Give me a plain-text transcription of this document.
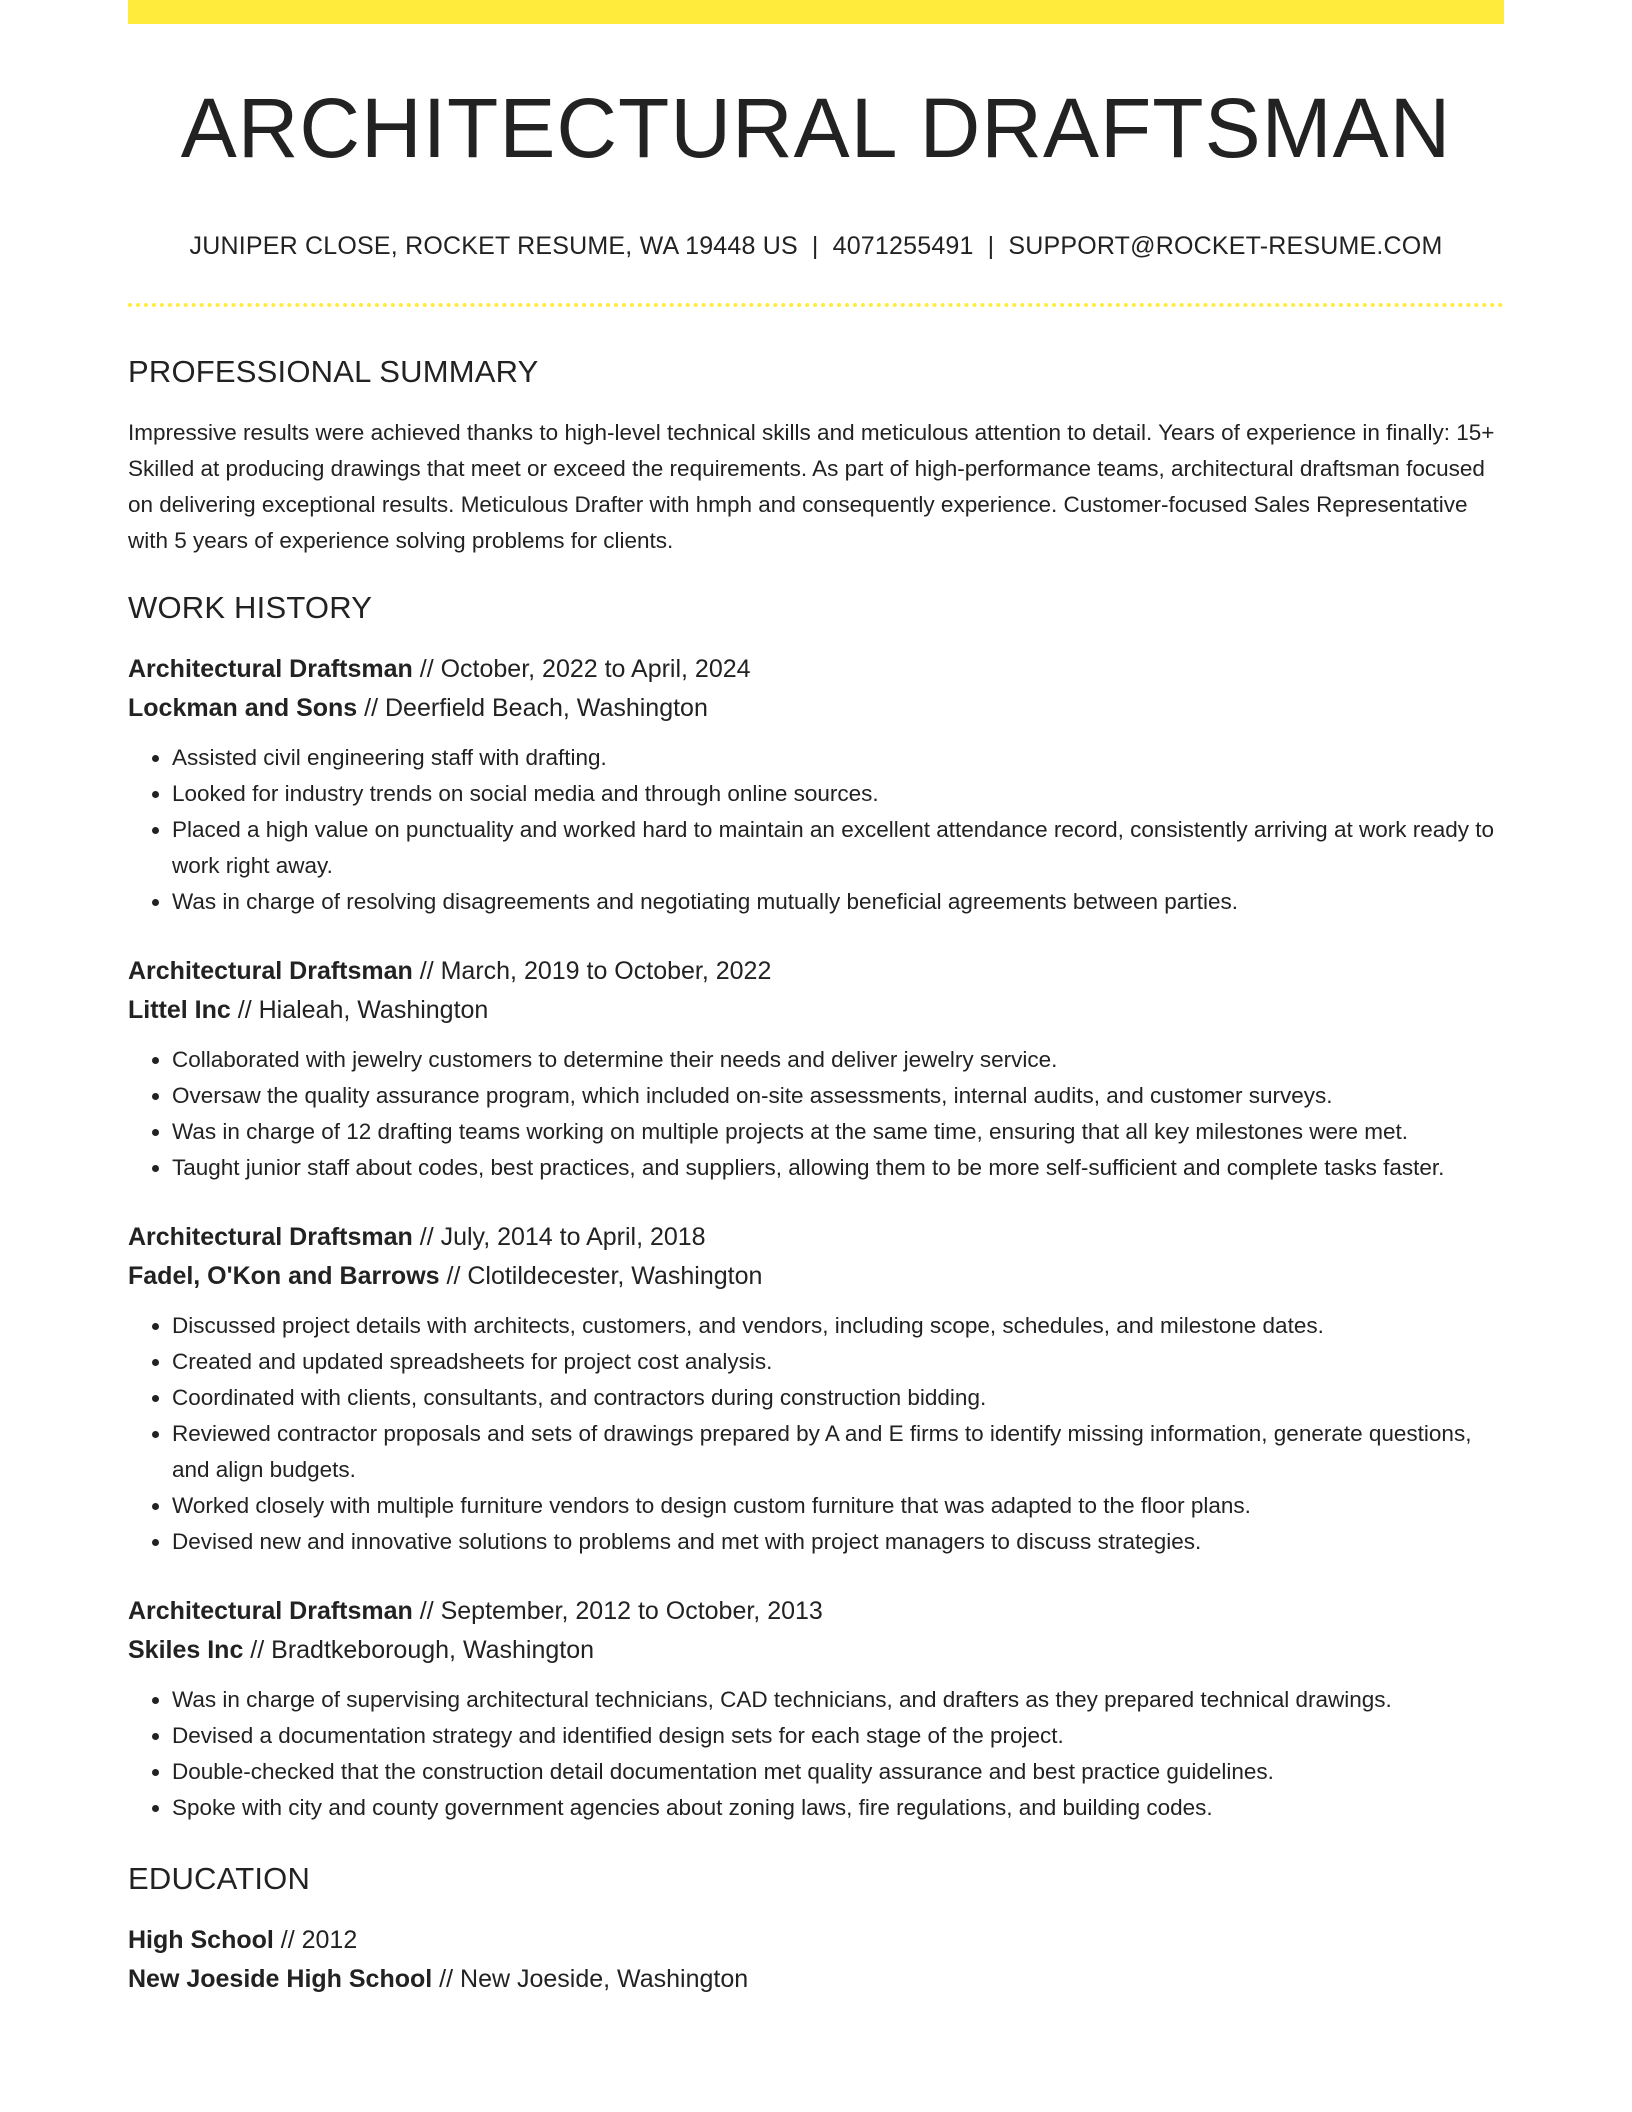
ARCHITECTURAL DRAFTSMAN
JUNIPER CLOSE, ROCKET RESUME, WA 19448 US | 4071255491 | SUPPORT@ROCKET-RESUME.COM
PROFESSIONAL SUMMARY
Impressive results were achieved thanks to high-level technical skills and meticulous attention to detail. Years of experience in finally: 15+ Skilled at producing drawings that meet or exceed the requirements. As part of high-performance teams, architectural draftsman focused on delivering exceptional results. Meticulous Drafter with hmph and consequently experience. Customer-focused Sales Representative with 5 years of experience solving problems for clients.
WORK HISTORY
Architectural Draftsman // October, 2022 to April, 2024
Lockman and Sons // Deerfield Beach, Washington
• Assisted civil engineering staff with drafting.
• Looked for industry trends on social media and through online sources.
• Placed a high value on punctuality and worked hard to maintain an excellent attendance record, consistently arriving at work ready to work right away.
• Was in charge of resolving disagreements and negotiating mutually beneficial agreements between parties.
Architectural Draftsman // March, 2019 to October, 2022
Littel Inc // Hialeah, Washington
• Collaborated with jewelry customers to determine their needs and deliver jewelry service.
• Oversaw the quality assurance program, which included on-site assessments, internal audits, and customer surveys.
• Was in charge of 12 drafting teams working on multiple projects at the same time, ensuring that all key milestones were met.
• Taught junior staff about codes, best practices, and suppliers, allowing them to be more self-sufficient and complete tasks faster.
Architectural Draftsman // July, 2014 to April, 2018
Fadel, O'Kon and Barrows // Clotildecester, Washington
• Discussed project details with architects, customers, and vendors, including scope, schedules, and milestone dates.
• Created and updated spreadsheets for project cost analysis.
• Coordinated with clients, consultants, and contractors during construction bidding.
• Reviewed contractor proposals and sets of drawings prepared by A and E firms to identify missing information, generate questions, and align budgets.
• Worked closely with multiple furniture vendors to design custom furniture that was adapted to the floor plans.
• Devised new and innovative solutions to problems and met with project managers to discuss strategies.
Architectural Draftsman // September, 2012 to October, 2013
Skiles Inc // Bradtkeborough, Washington
• Was in charge of supervising architectural technicians, CAD technicians, and drafters as they prepared technical drawings.
• Devised a documentation strategy and identified design sets for each stage of the project.
• Double-checked that the construction detail documentation met quality assurance and best practice guidelines.
• Spoke with city and county government agencies about zoning laws, fire regulations, and building codes.
EDUCATION
High School // 2012
New Joeside High School // New Joeside, Washington
